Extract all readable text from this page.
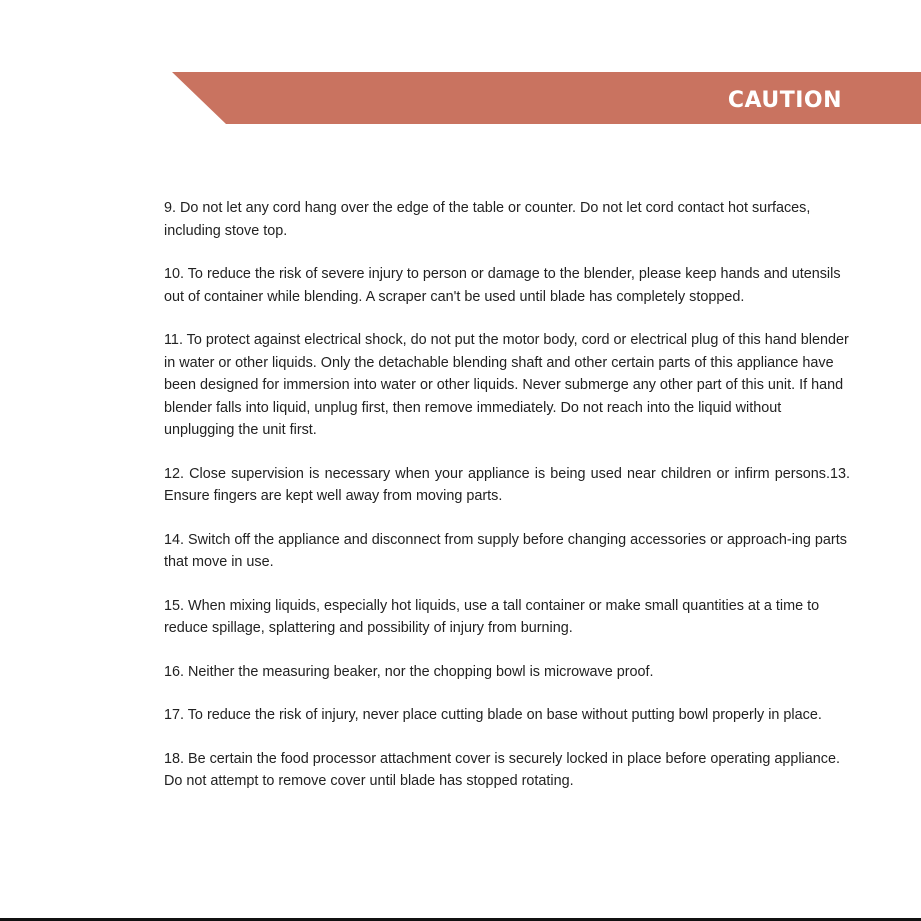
CAUTION

9. Do not let any cord hang over the edge of the table or counter. Do not let cord contact hot surfaces, including stove top.

10. To reduce the risk of severe injury to person or damage to the blender, please keep hands and utensils out of container while blending. A scraper can't be used until blade has completely stopped.

11. To protect against electrical shock, do not put the motor body, cord or electrical plug of this hand blender in water or other liquids. Only the detachable blending shaft and other certain parts of this appliance have been designed for immersion into water or other liquids. Never submerge any other part of this unit. If hand blender falls into liquid, unplug first, then remove immediately. Do not reach into the liquid without unplugging the unit first.

12. Close supervision is necessary when your appliance is being used near children or infirm persons.13. Ensure fingers are kept well away from moving parts.

14. Switch off the appliance and disconnect from supply before changing accessories or approach-ing parts that move in use.

15. When mixing liquids, especially hot liquids, use a tall container or make small quantities at a time to reduce spillage, splattering and possibility of injury from burning.

16. Neither the measuring beaker, nor the chopping bowl is microwave proof.

17. To reduce the risk of injury, never place cutting blade on base without putting bowl properly in place.

18. Be certain the food processor attachment cover is securely locked in place before operating appliance. Do not attempt to remove cover until blade has stopped rotating.
